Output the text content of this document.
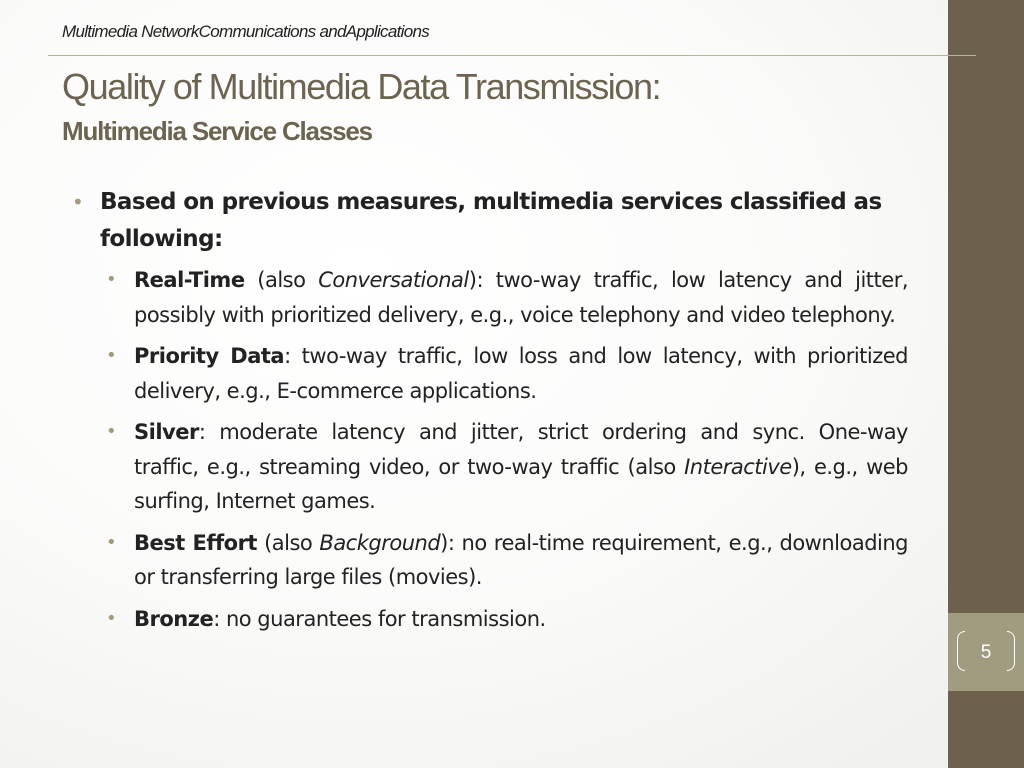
5
Multimedia NetworkCommunications andApplications
Quality of Multimedia Data Transmission:
Multimedia Service Classes
• Based on previous measures, multimedia services classified as following:
• Real-Time (also Conversational): two-way traffic, low latency and jitter, possibly with prioritized delivery, e.g., voice telephony and video telephony.
• Priority Data: two-way traffic, low loss and low latency, with prioritized delivery, e.g., E-commerce applications.
• Silver: moderate latency and jitter, strict ordering and sync. One-way traffic, e.g., streaming video, or two-way traffic (also Interactive), e.g., web surfing, Internet games.
• Best Effort (also Background): no real-time requirement, e.g., downloading or transferring large files (movies).
• Bronze: no guarantees for transmission.
